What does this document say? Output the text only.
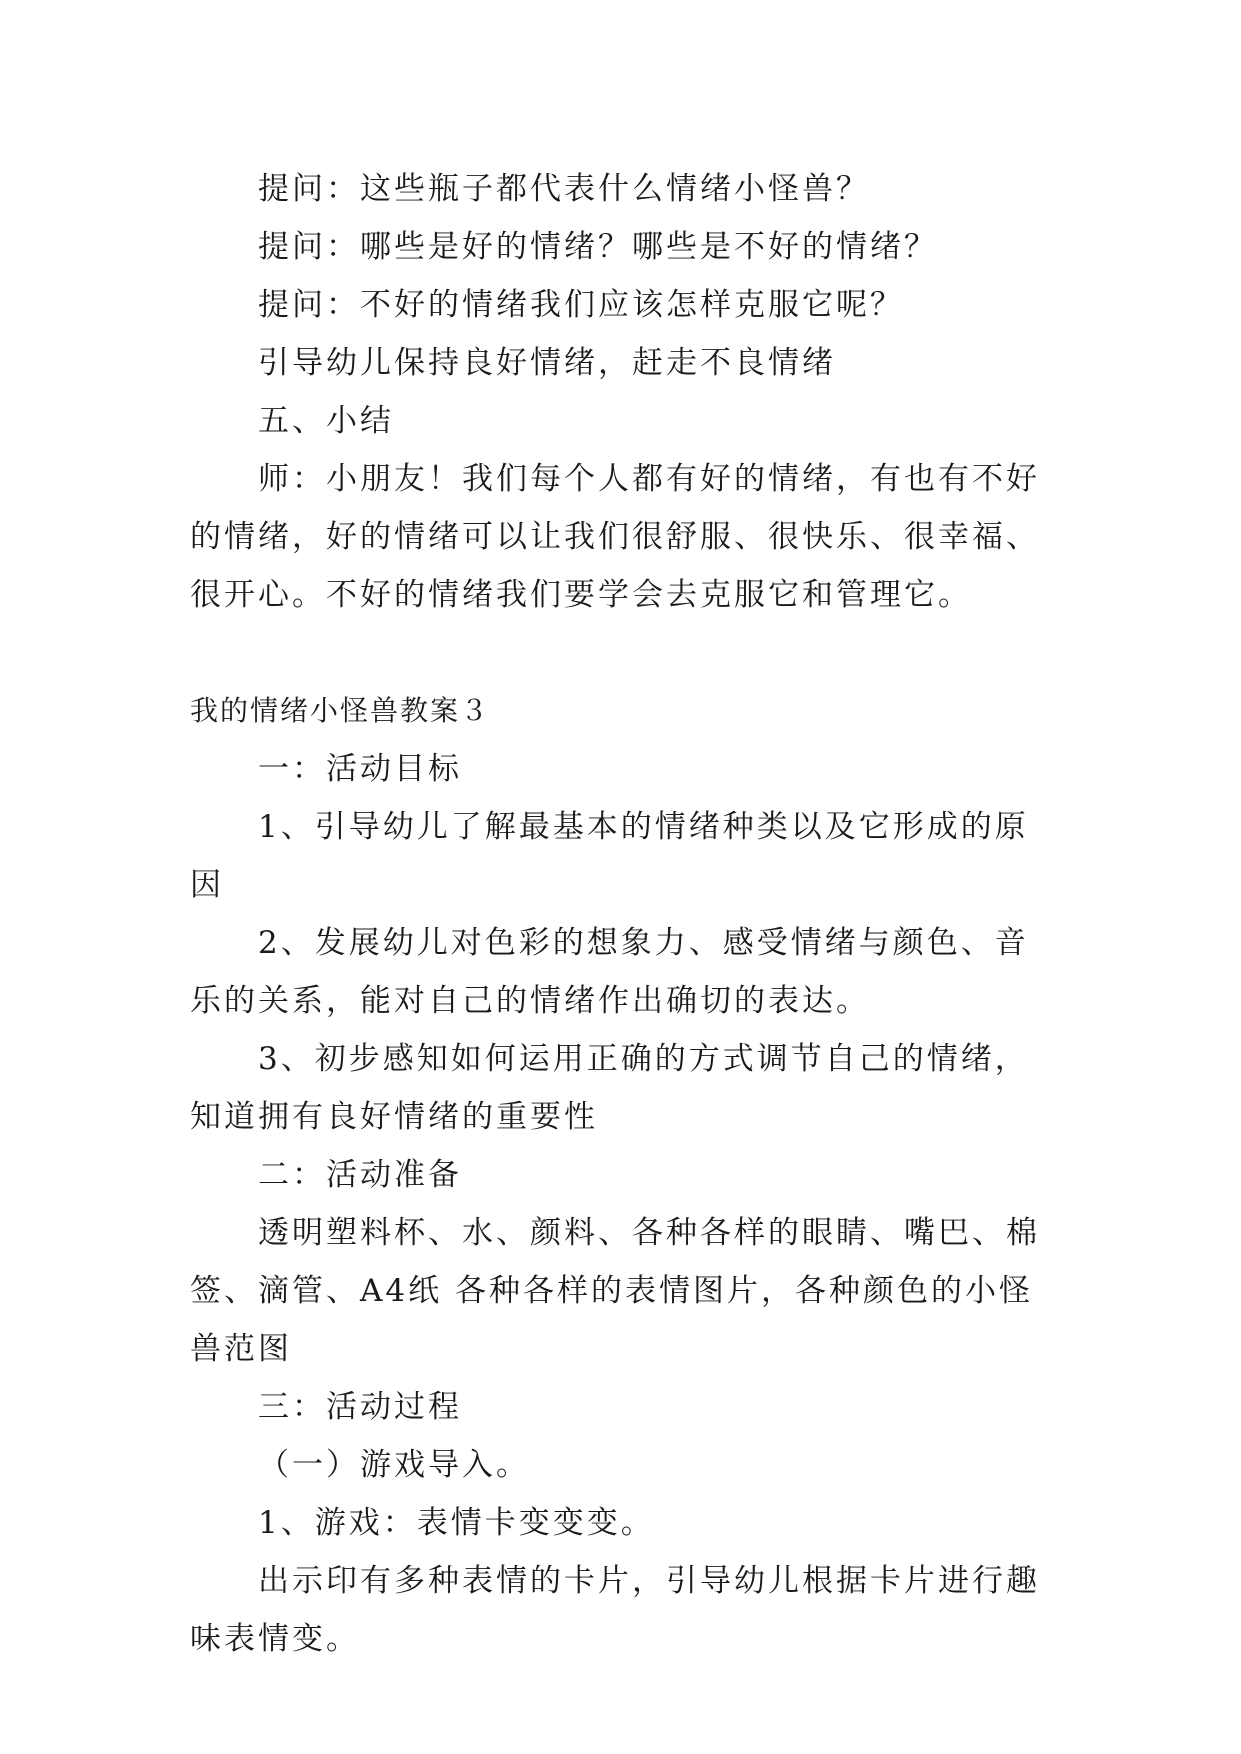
提问：这些瓶子都代表什么情绪小怪兽？

提问：哪些是好的情绪？哪些是不好的情绪？

提问：不好的情绪我们应该怎样克服它呢？

引导幼儿保持良好情绪，赶走不良情绪

五、小结

师：小朋友！我们每个人都有好的情绪，有也有不好的情绪，好的情绪可以让我们很舒服、很快乐、很幸福、很开心。不好的情绪我们要学会去克服它和管理它。

我的情绪小怪兽教案３

一：活动目标

1、引导幼儿了解最基本的情绪种类以及它形成的原因

2、发展幼儿对色彩的想象力、感受情绪与颜色、音乐的关系，能对自己的情绪作出确切的表达。

3、初步感知如何运用正确的方式调节自己的情绪，知道拥有良好情绪的重要性

二：活动准备

透明塑料杯、水、颜料、各种各样的眼睛、嘴巴、棉签、滴管、A4纸 各种各样的表情图片，各种颜色的小怪兽范图

三：活动过程

（一）游戏导入。

1、游戏：表情卡变变变。

出示印有多种表情的卡片，引导幼儿根据卡片进行趣味表情变。
